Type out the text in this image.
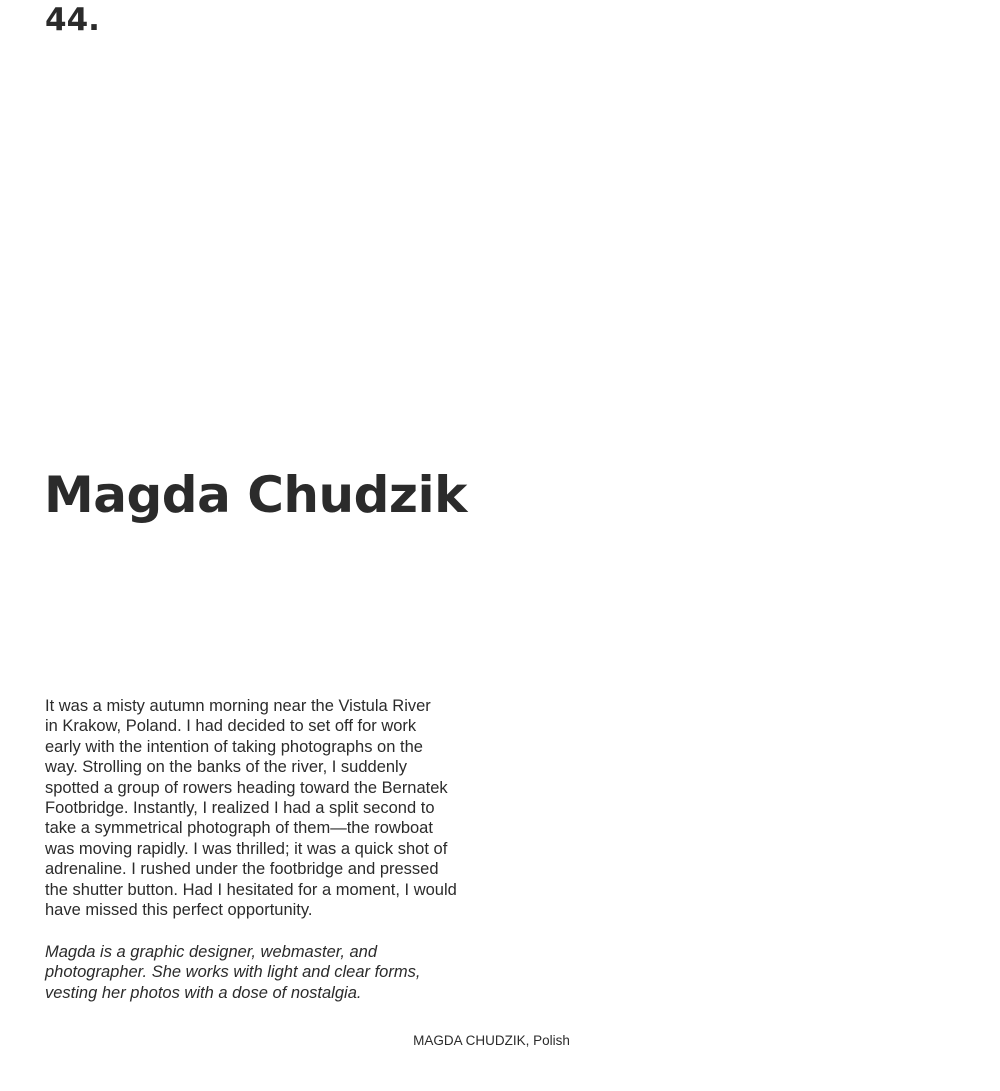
44.
Magda Chudzik
It was a misty autumn morning near the Vistula River
in Krakow, Poland. I had decided to set off for work
early with the intention of taking photographs on the
way. Strolling on the banks of the river, I suddenly
spotted a group of rowers heading toward the Bernatek
Footbridge. Instantly, I realized I had a split second to
take a symmetrical photograph of them—the rowboat
was moving rapidly. I was thrilled; it was a quick shot of
adrenaline. I rushed under the footbridge and pressed
the shutter button. Had I hesitated for a moment, I would
have missed this perfect opportunity.
Magda is a graphic designer, webmaster, and
photographer. She works with light and clear forms,
vesting her photos with a dose of nostalgia.
MAGDA CHUDZIK, Polish
